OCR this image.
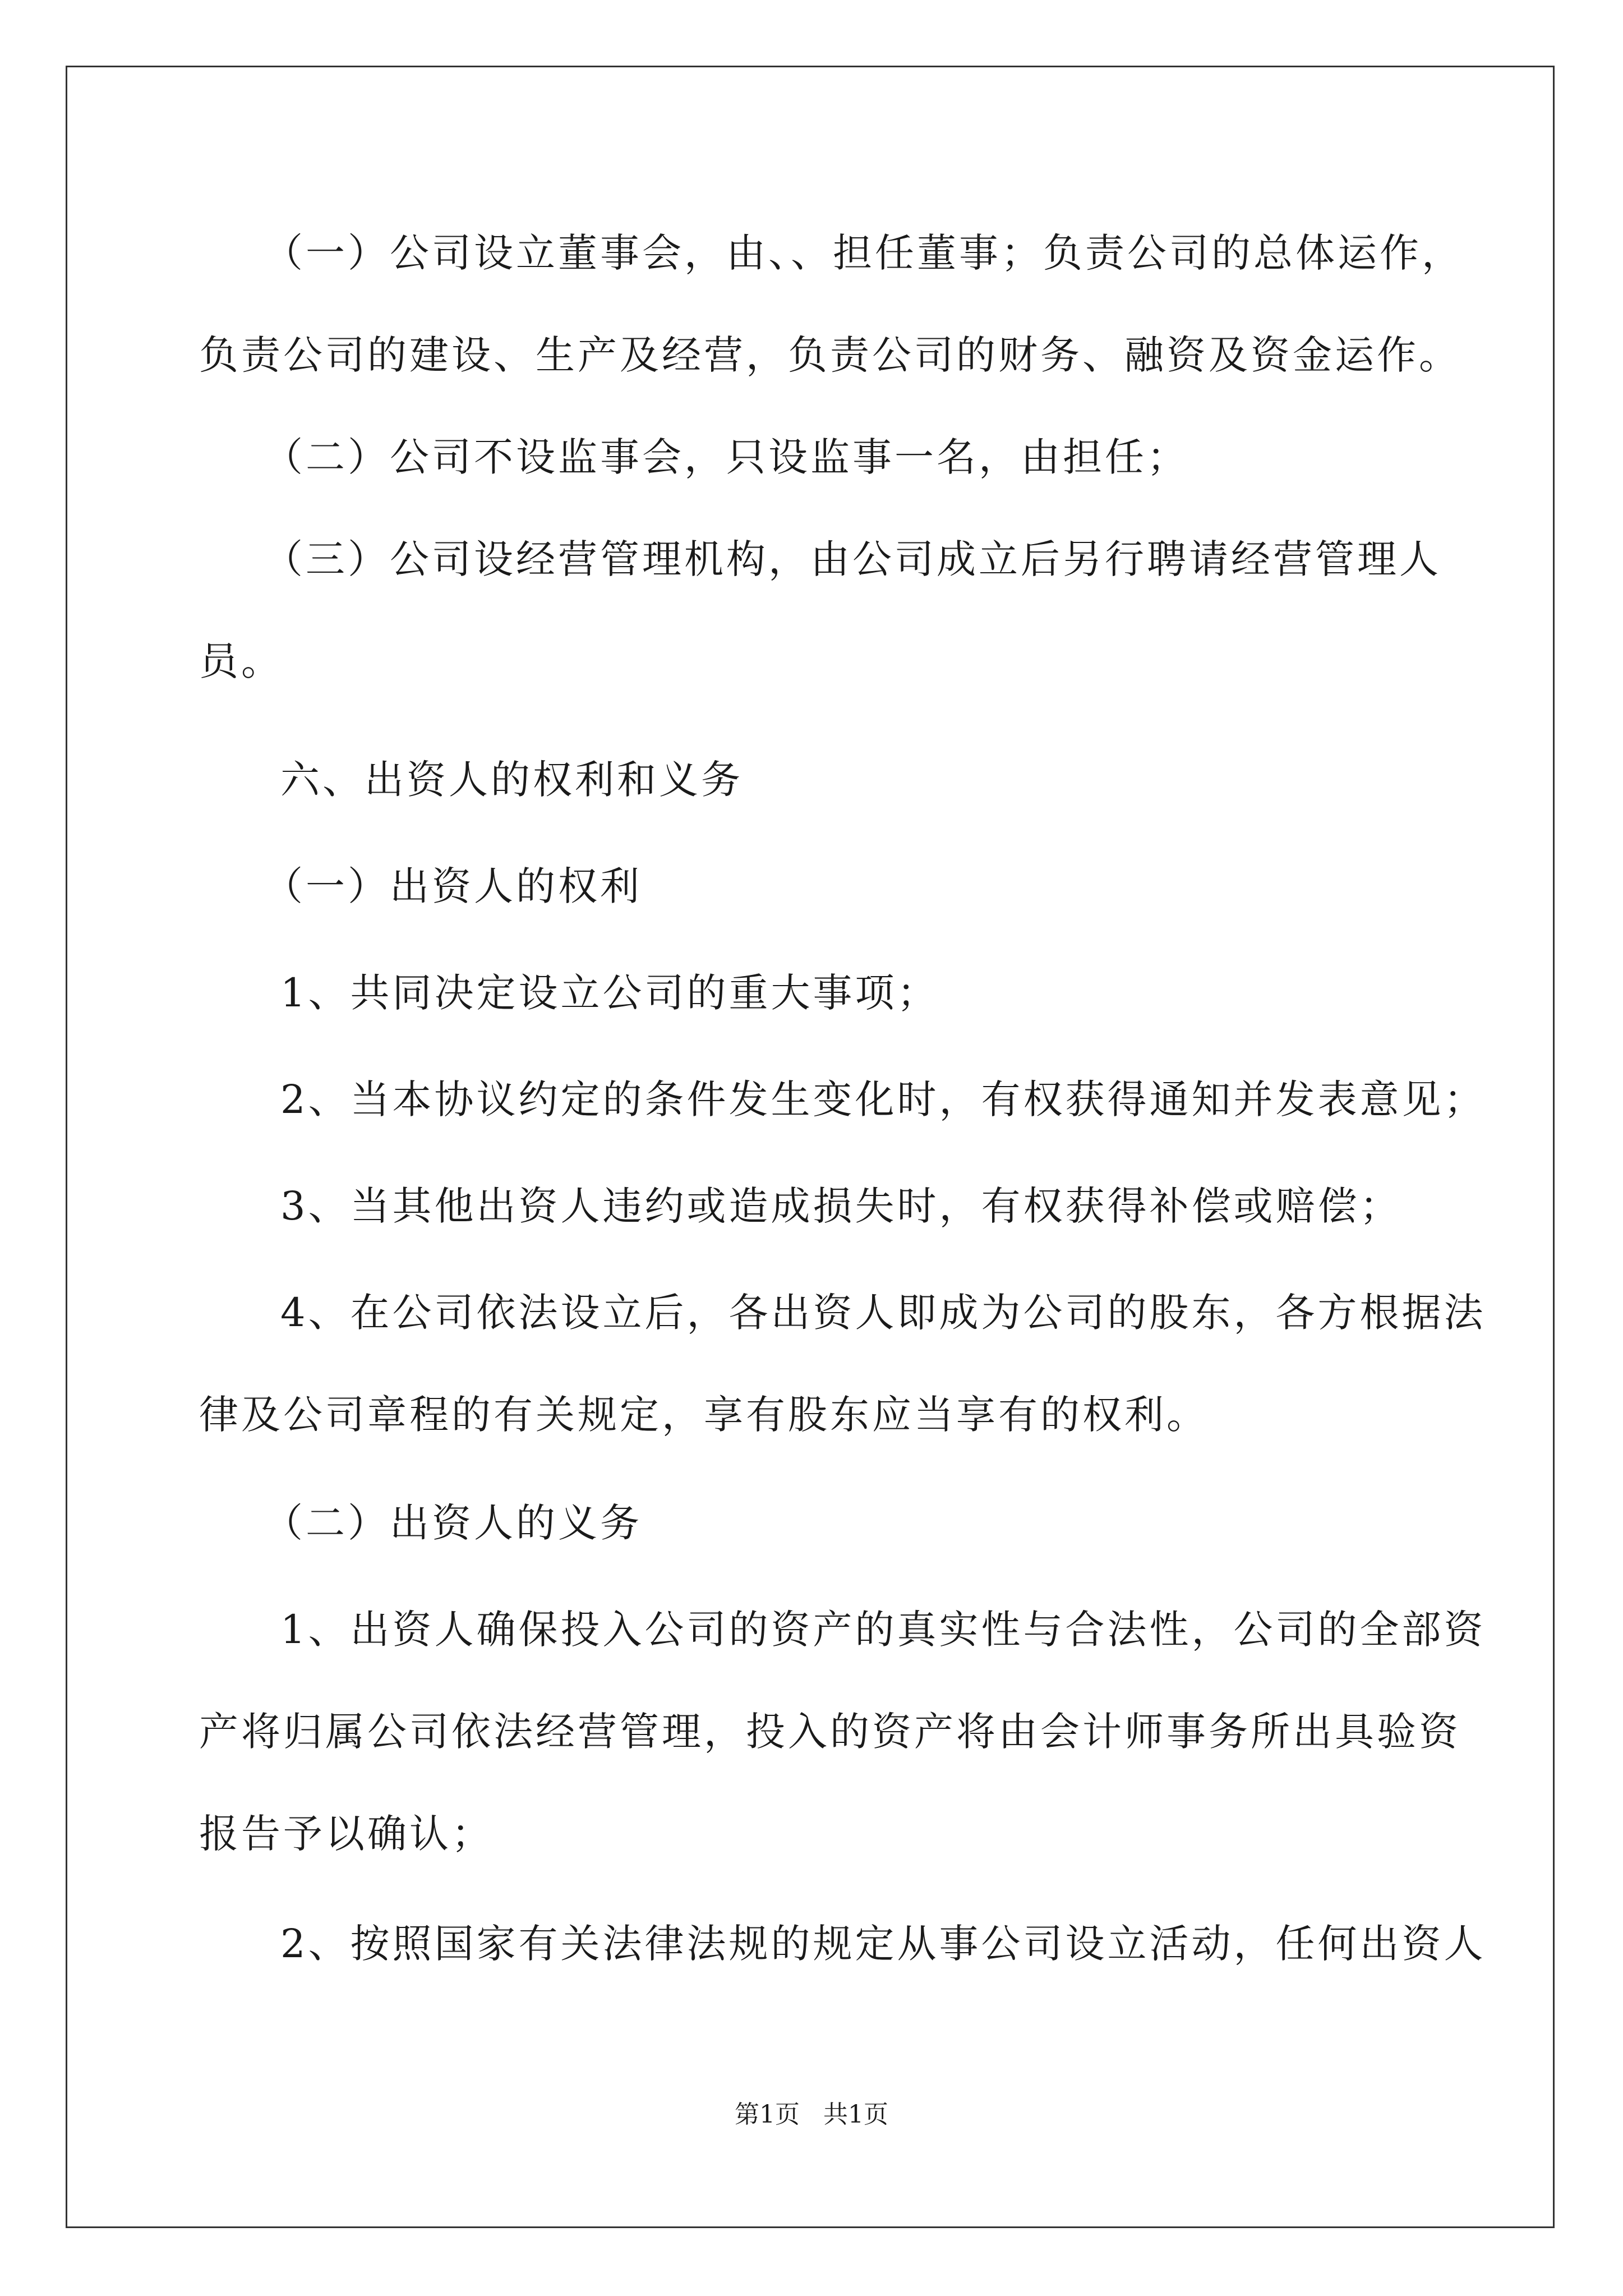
（一）公司设立董事会，由、、担任董事；负责公司的总体运作，

负责公司的建设、生产及经营，负责公司的财务、融资及资金运作。

（二）公司不设监事会，只设监事一名，由担任；

（三）公司设经营管理机构，由公司成立后另行聘请经营管理人

员。

六、出资人的权利和义务

（一）出资人的权利

1、共同决定设立公司的重大事项；

2、当本协议约定的条件发生变化时，有权获得通知并发表意见；

3、当其他出资人违约或造成损失时，有权获得补偿或赔偿；

4、在公司依法设立后，各出资人即成为公司的股东，各方根据法

律及公司章程的有关规定，享有股东应当享有的权利。

（二）出资人的义务

1、出资人确保投入公司的资产的真实性与合法性，公司的全部资

产将归属公司依法经营管理，投入的资产将由会计师事务所出具验资

报告予以确认；

2、按照国家有关法律法规的规定从事公司设立活动，任何出资人

第1页   共1页
